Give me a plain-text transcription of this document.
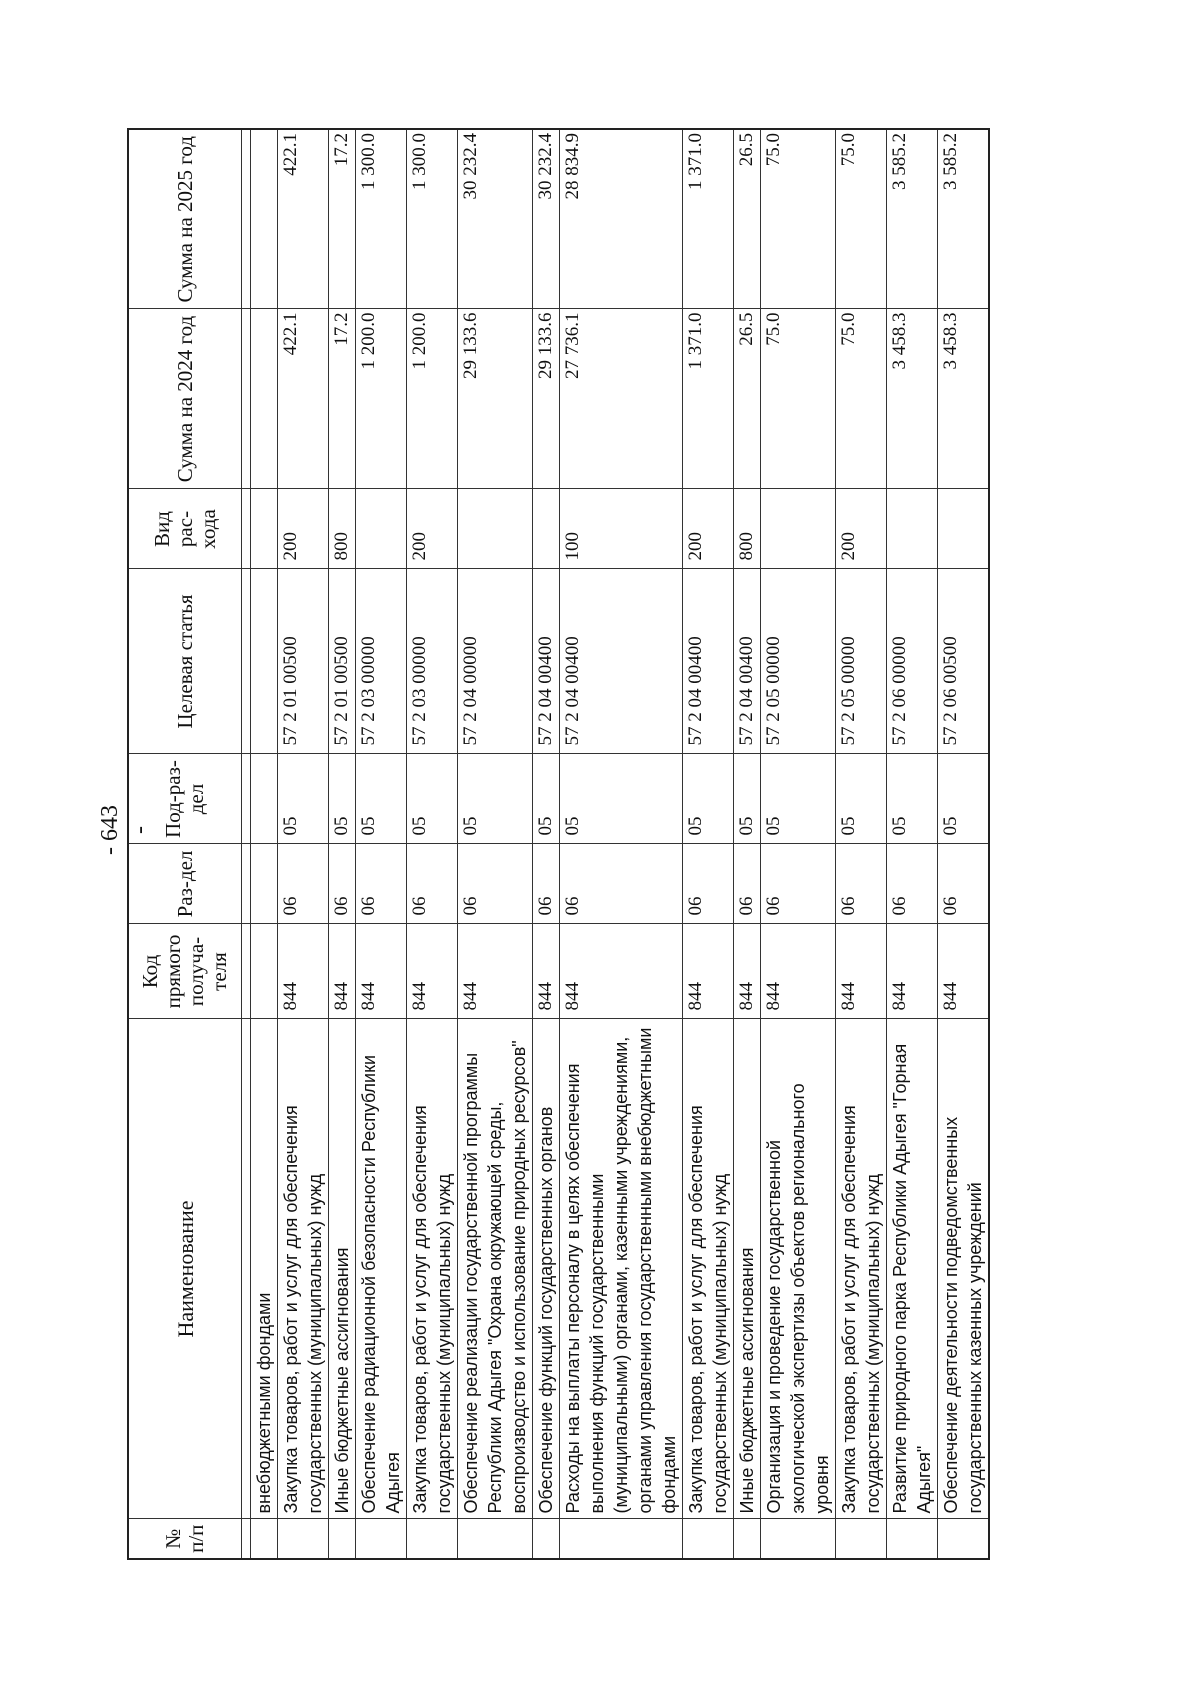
- 643 -
№ п/п	Наименование	Код прямого получа-теля	Раз-дел	Под-раз-дел	Целевая статья	Вид рас-хода	Сумма на 2024 год	Сумма на 2025 год

	внебюджетными фондами							
	Закупка товаров, работ и услуг для обеспечения государственных (муниципальных) нужд	844	06	05	57 2 01 00500	200	422.1	422.1
	Иные бюджетные ассигнования	844	06	05	57 2 01 00500	800	17.2	17.2
	Обеспечение радиационной безопасности Республики Адыгея	844	06	05	57 2 03 00000		1 200.0	1 300.0
	Закупка товаров, работ и услуг для обеспечения государственных (муниципальных) нужд	844	06	05	57 2 03 00000	200	1 200.0	1 300.0
	Обеспечение реализации государственной программы Республики Адыгея "Охрана окружающей среды, воспроизводство и использование природных ресурсов"	844	06	05	57 2 04 00000		29 133.6	30 232.4
	Обеспечение функций государственных органов	844	06	05	57 2 04 00400		29 133.6	30 232.4
	Расходы на выплаты персоналу в целях обеспечения выполнения функций государственными (муниципальными) органами, казенными учреждениями, органами управления государственными внебюджетными фондами	844	06	05	57 2 04 00400	100	27 736.1	28 834.9
	Закупка товаров, работ и услуг для обеспечения государственных (муниципальных) нужд	844	06	05	57 2 04 00400	200	1 371.0	1 371.0
	Иные бюджетные ассигнования	844	06	05	57 2 04 00400	800	26.5	26.5
	Организация и проведение государственной экологической экспертизы объектов регионального уровня	844	06	05	57 2 05 00000		75.0	75.0
	Закупка товаров, работ и услуг для обеспечения государственных (муниципальных) нужд	844	06	05	57 2 05 00000	200	75.0	75.0
	Развитие природного парка Республики Адыгея "Горная Адыгея"	844	06	05	57 2 06 00000		3 458.3	3 585.2
	Обеспечение деятельности подведомственных государственных казенных учреждений	844	06	05	57 2 06 00500		3 458.3	3 585.2
